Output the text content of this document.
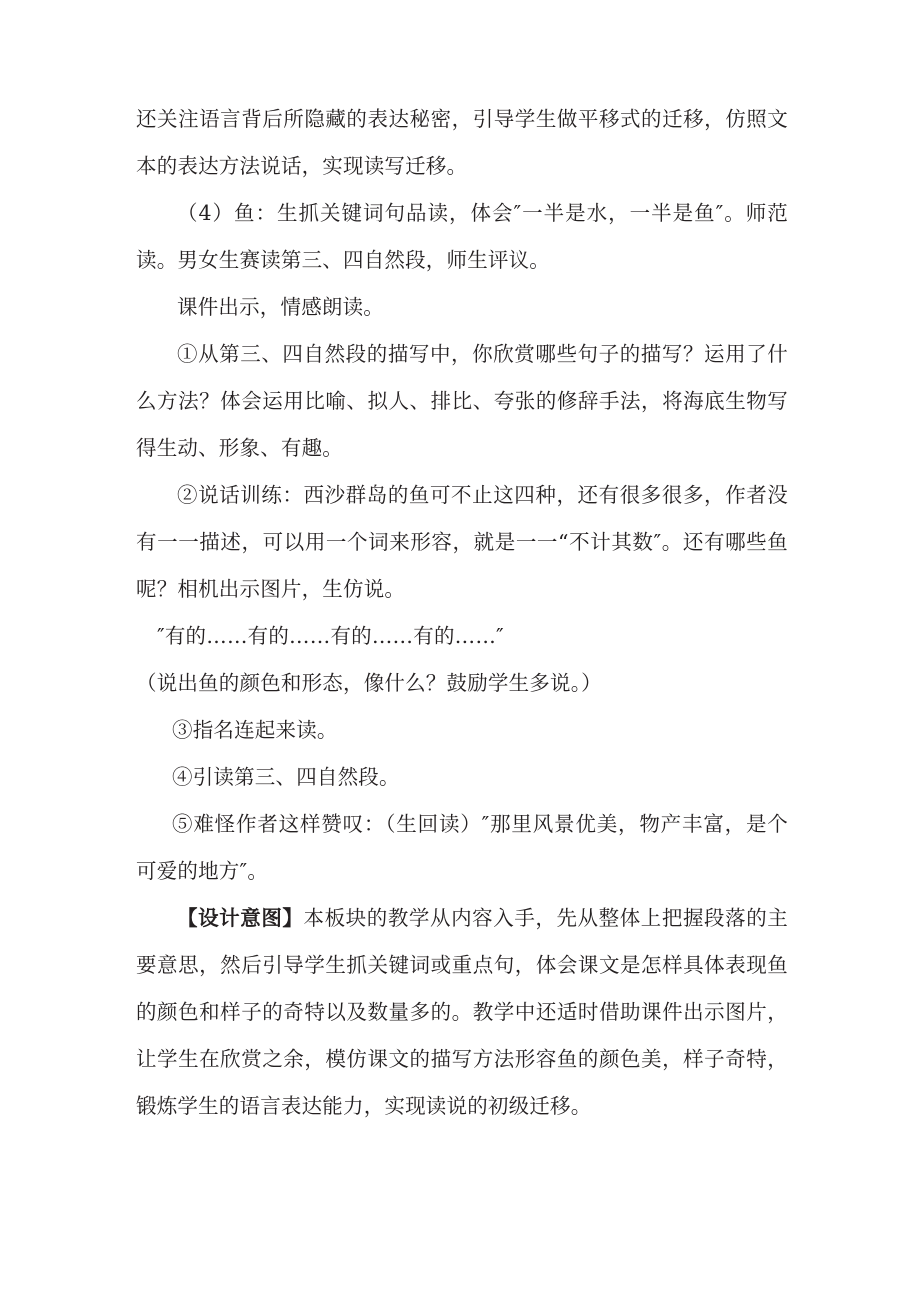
还关注语言背后所隐藏的表达秘密，引导学生做平移式的迁移，仿照文本的表达方法说话，实现读写迁移。

（4）鱼：生抓关键词句品读，体会″一半是水，一半是鱼″。师范读。男女生赛读第三、四自然段，师生评议。

课件出示，情感朗读。

①从第三、四自然段的描写中，你欣赏哪些句子的描写？运用了什么方法？体会运用比喻、拟人、排比、夸张的修辞手法，将海底生物写得生动、形象、有趣。

②说话训练：西沙群岛的鱼可不止这四种，还有很多很多，作者没有一一描述，可以用一个词来形容，就是一一“不计其数″。还有哪些鱼呢？相机出示图片，生仿说。

″有的……有的……有的……有的……″

（说出鱼的颜色和形态，像什么？鼓励学生多说。）

③指名连起来读。

④引读第三、四自然段。

⑤难怪作者这样赞叹：（生回读）″那里风景优美，物产丰富，是个可爱的地方″。

【设计意图】本板块的教学从内容入手，先从整体上把握段落的主要意思，然后引导学生抓关键词或重点句，体会课文是怎样具体表现鱼的颜色和样子的奇特以及数量多的。教学中还适时借助课件出示图片，让学生在欣赏之余，模仿课文的描写方法形容鱼的颜色美，样子奇特，锻炼学生的语言表达能力，实现读说的初级迁移。
